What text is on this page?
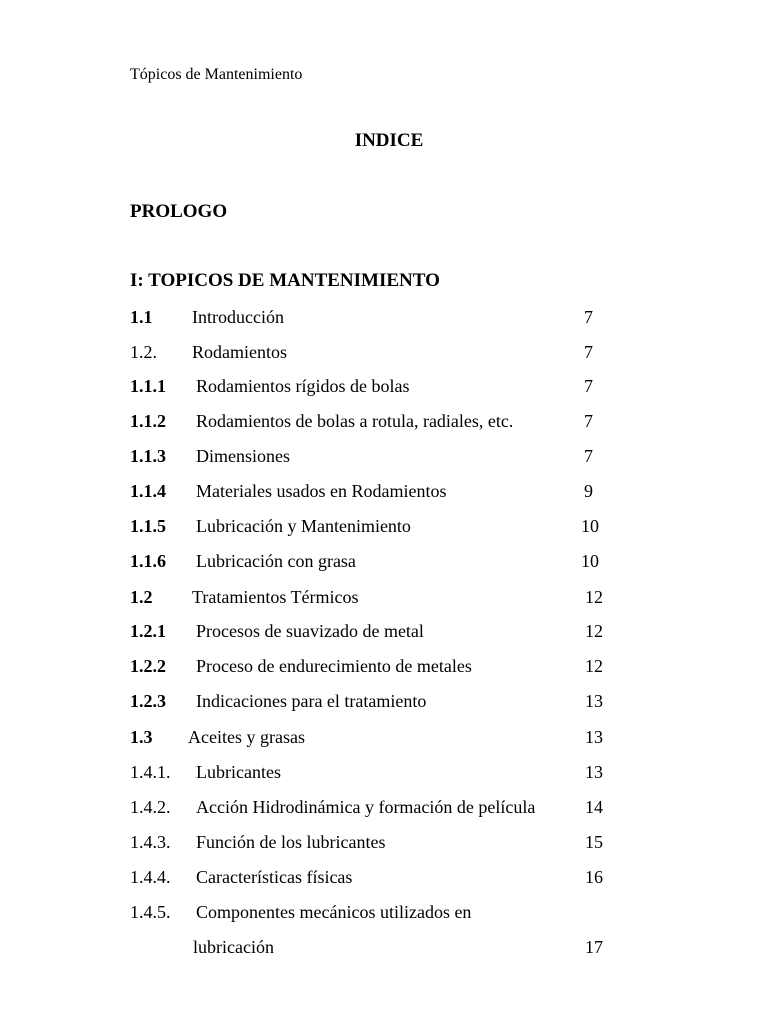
Tópicos de Mantenimiento
INDICE
PROLOGO
I: TOPICOS DE MANTENIMIENTO
1.1 Introducción	7
1.2. Rodamientos	7
1.1.1 Rodamientos rígidos de bolas	7
1.1.2 Rodamientos de bolas a rotula, radiales, etc.	7
1.1.3 Dimensiones	7
1.1.4 Materiales usados en Rodamientos	9
1.1.5 Lubricación y Mantenimiento	10
1.1.6 Lubricación con grasa	10
1.2 Tratamientos Térmicos	12
1.2.1 Procesos de suavizado de metal	12
1.2.2 Proceso de endurecimiento de metales	12
1.2.3 Indicaciones para el tratamiento	13
1.3 Aceites y grasas	13
1.4.1. Lubricantes	13
1.4.2. Acción Hidrodinámica y formación de película	14
1.4.3. Función de los lubricantes	15
1.4.4. Características físicas	16
1.4.5. Componentes mecánicos utilizados en
lubricación	17
